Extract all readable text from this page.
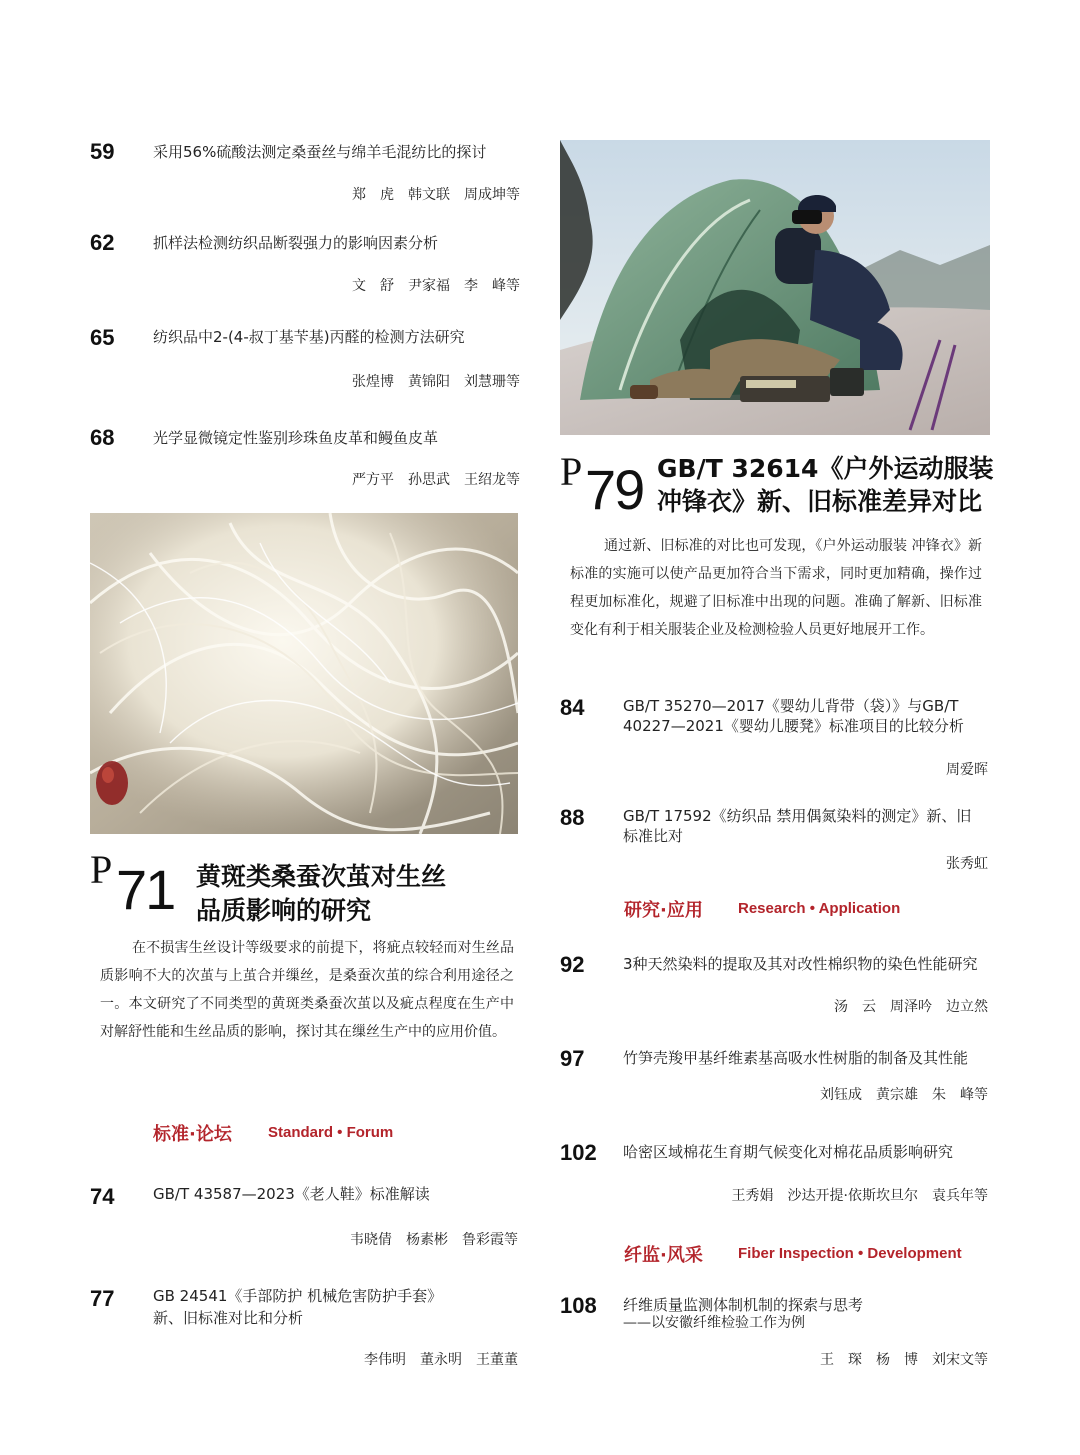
59	采用56%硫酸法测定桑蚕丝与绵羊毛混纺比的探讨
郑　虎　韩文联　周成坤等
62	抓样法检测纺织品断裂强力的影响因素分析
文　舒　尹家福　李　峰等
65	纺织品中2-(4-叔丁基苄基)丙醛的检测方法研究
张煌博　黄锦阳　刘慧珊等
68	光学显微镜定性鉴别珍珠鱼皮革和鳗鱼皮革
严方平　孙思武　王绍龙等
P 71 黄斑类桑蚕次茧对生丝
品质影响的研究
在不损害生丝设计等级要求的前提下，将疵点较轻而对生丝品质影响不大的次茧与上茧合并缫丝，是桑蚕次茧的综合利用途径之一。本文研究了不同类型的黄斑类桑蚕次茧以及疵点程度在生产中对解舒性能和生丝品质的影响，探讨其在缫丝生产中的应用价值。
标准·论坛 Standard • Forum
74	GB/T 43587—2023《老人鞋》标准解读
韦晓倩　杨素彬　鲁彩霞等
77	GB 24541《手部防护 机械危害防护手套》
新、旧标准对比和分析
李伟明　董永明　王董董
P 79 GB/T 32614《户外运动服装
冲锋衣》新、旧标准差异对比
通过新、旧标准的对比也可发现，《户外运动服装 冲锋衣》新标准的实施可以使产品更加符合当下需求，同时更加精确，操作过程更加标准化，规避了旧标准中出现的问题。准确了解新、旧标准变化有利于相关服装企业及检测检验人员更好地展开工作。
84	GB/T 35270—2017《婴幼儿背带（袋）》与GB/T
40227—2021《婴幼儿腰凳》标准项目的比较分析
周爱晖
88	GB/T 17592《纺织品 禁用偶氮染料的测定》新、旧
标准比对
张秀虹
研究·应用 Research • Application
92	3种天然染料的提取及其对改性棉织物的染色性能研究
汤　云　周泽吟　边立然
97	竹笋壳羧甲基纤维素基高吸水性树脂的制备及其性能
刘钰成　黄宗雄　朱　峰等
102 哈密区域棉花生育期气候变化对棉花品质影响研究
王秀娟　沙达开提·依斯坎旦尔　袁兵年等
纤监·风采 Fiber Inspection • Development
108 纤维质量监测体制机制的探索与思考
——以安徽纤维检验工作为例
王　琛　杨　博　刘宋文等
